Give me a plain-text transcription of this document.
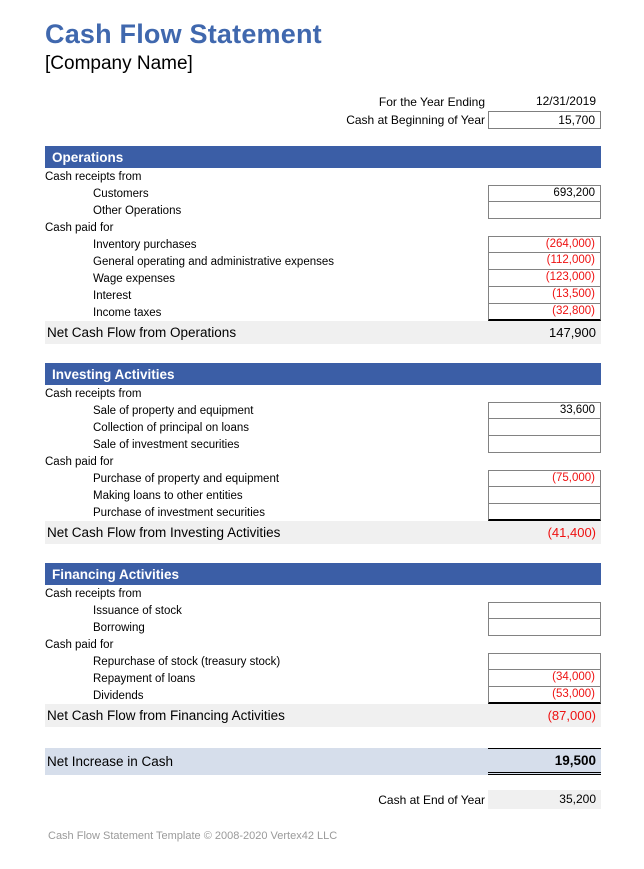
Cash Flow Statement
[Company Name]
For the Year Ending	12/31/2019
Cash at Beginning of Year	15,700
Operations
Cash receipts from
Customers	693,200
Other Operations
Cash paid for
Inventory purchases	(264,000)
General operating and administrative expenses	(112,000)
Wage expenses	(123,000)
Interest	(13,500)
Income taxes	(32,800)
Net Cash Flow from Operations	147,900
Investing Activities
Cash receipts from
Sale of property and equipment	33,600
Collection of principal on loans
Sale of investment securities
Cash paid for
Purchase of property and equipment	(75,000)
Making loans to other entities
Purchase of investment securities
Net Cash Flow from Investing Activities	(41,400)
Financing Activities
Cash receipts from
Issuance of stock
Borrowing
Cash paid for
Repurchase of stock (treasury stock)
Repayment of loans	(34,000)
Dividends	(53,000)
Net Cash Flow from Financing Activities	(87,000)
Net Increase in Cash	19,500
Cash at End of Year	35,200
Cash Flow Statement Template © 2008-2020 Vertex42 LLC
